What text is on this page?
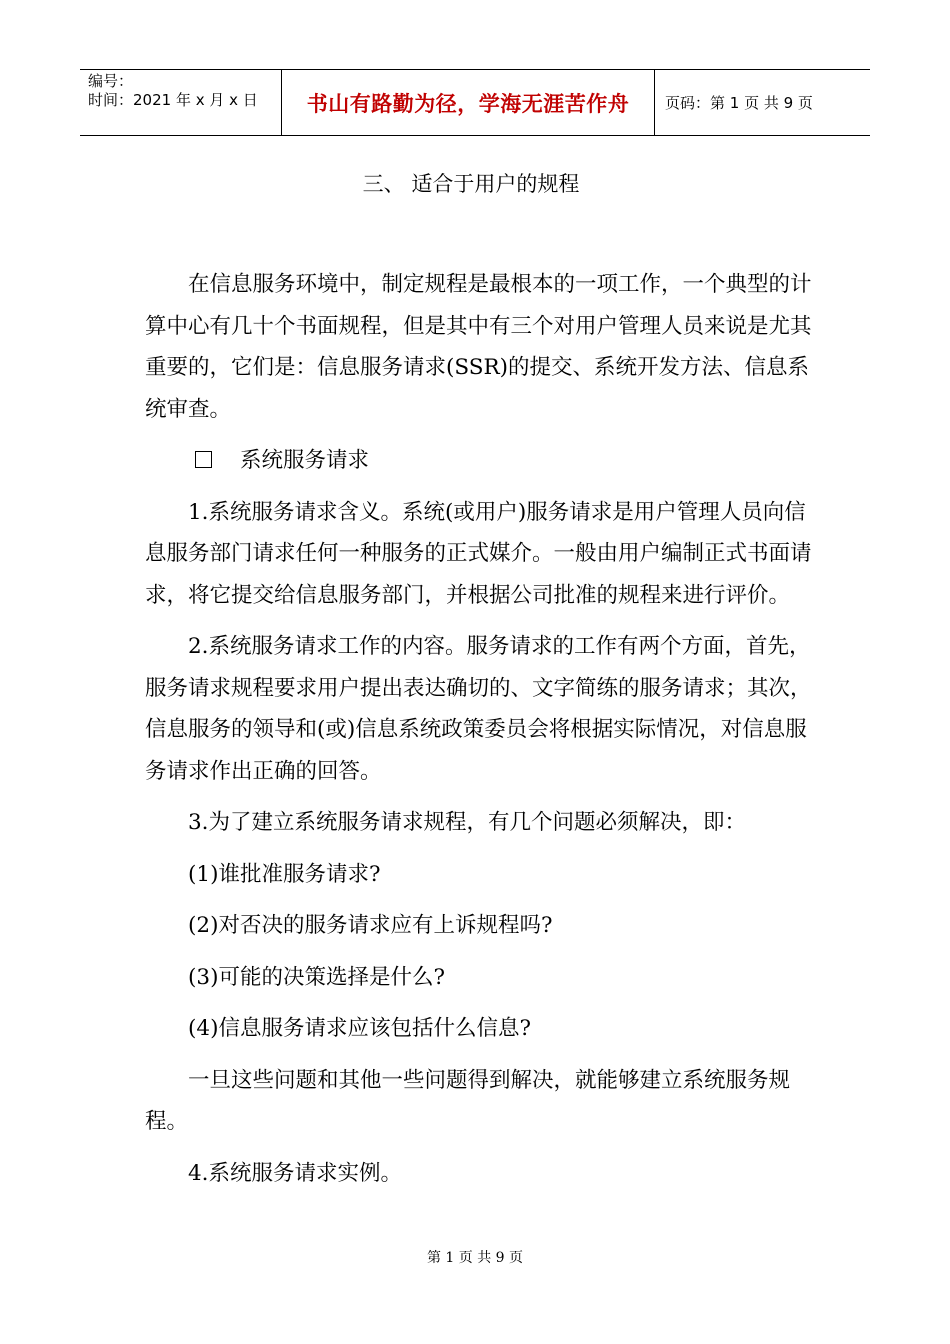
编号：
时间：2021 年 x 月 x 日	书山有路勤为径，学海无涯苦作舟	页码：第 1 页 共 9 页
三、 适合于用户的规程

在信息服务环境中，制定规程是最根本的一项工作，一个典型的计算中心有几十个书面规程，但是其中有三个对用户管理人员来说是尤其重要的，它们是：信息服务请求(SSR)的提交、系统开发方法、信息系统审查。

系统服务请求

1.系统服务请求含义。系统(或用户)服务请求是用户管理人员向信息服务部门请求任何一种服务的正式媒介。一般由用户编制正式书面请求，将它提交给信息服务部门，并根据公司批准的规程来进行评价。

2.系统服务请求工作的内容。服务请求的工作有两个方面，首先，服务请求规程要求用户提出表达确切的、文字简练的服务请求；其次，信息服务的领导和(或)信息系统政策委员会将根据实际情况，对信息服务请求作出正确的回答。

3.为了建立系统服务请求规程，有几个问题必须解决，即：

(1)谁批准服务请求?

(2)对否决的服务请求应有上诉规程吗?

(3)可能的决策选择是什么?

(4)信息服务请求应该包括什么信息?

一旦这些问题和其他一些问题得到解决，就能够建立系统服务规程。

4.系统服务请求实例。

第 1 页 共 9 页
